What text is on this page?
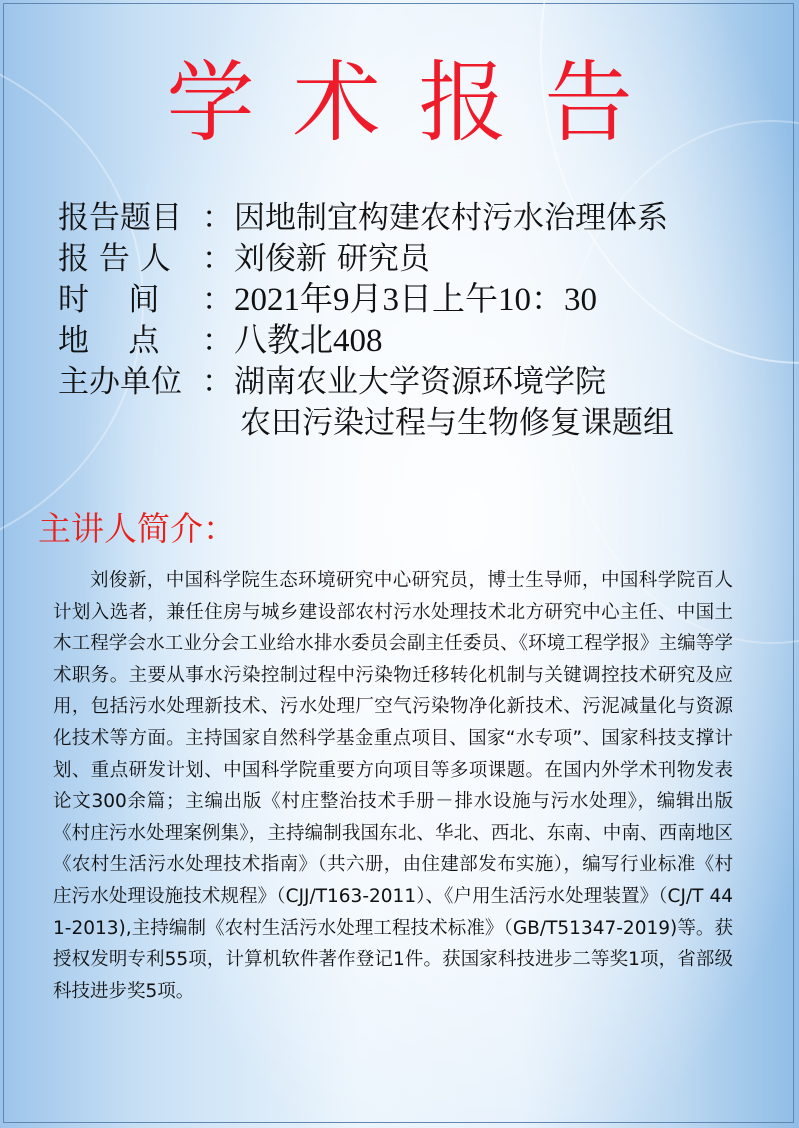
学术报告
报告题目 ： 因地制宜构建农村污水治理体系
报 告 人	： 刘俊新 研究员
时    间	： 2021年9月3日上午10：30
地    点	： 八教北408
主办单位 ： 湖南农业大学资源环境学院
农田污染过程与生物修复课题组
主讲人简介：

刘俊新，中国科学院生态环境研究中心研究员，博士生导师，中国科学院百人计划入选者，兼任住房与城乡建设部农村污水处理技术北方研究中心主任、中国土木工程学会水工业分会工业给水排水委员会副主任委员、《环境工程学报》主编等学术职务。主要从事水污染控制过程中污染物迁移转化机制与关键调控技术研究及应用，包括污水处理新技术、污水处理厂空气污染物净化新技术、污泥减量化与资源化技术等方面。主持国家自然科学基金重点项目、国家“水专项”、国家科技支撑计划、重点研发计划、中国科学院重要方向项目等多项课题。在国内外学术刊物发表论文300余篇；主编出版《村庄整治技术手册－排水设施与污水处理》，编辑出版《村庄污水处理案例集》，主持编制我国东北、华北、西北、东南、中南、西南地区《农村生活污水处理技术指南》（共六册，由住建部发布实施），编写行业标准《村庄污水处理设施技术规程》（CJJ/T163-2011）、《户用生活污水处理装置》（CJ/T 441-2013),主持编制《农村生活污水处理工程技术标准》（GB/T51347-2019)等。获授权发明专利55项，计算机软件著作登记1件。获国家科技进步二等奖1项，省部级科技进步奖5项。
